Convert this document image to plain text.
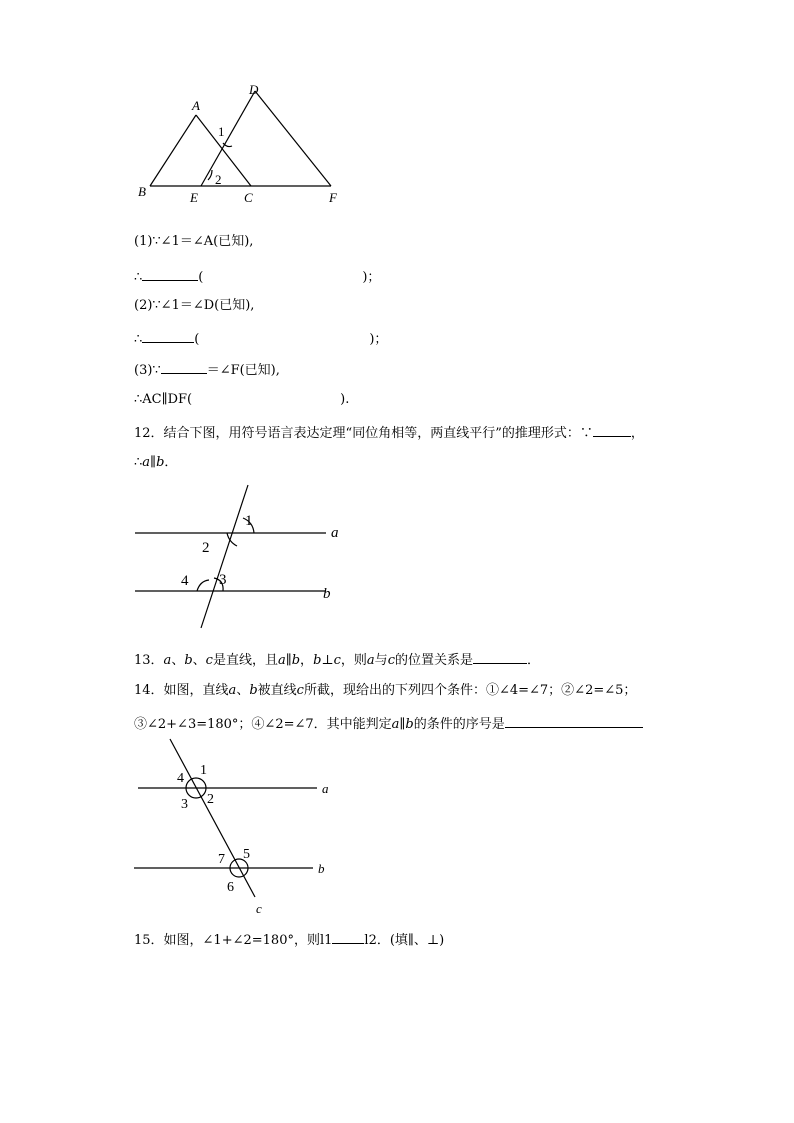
A
B	C
D
E	F
1
2
(1)∵∠1＝∠A(已知),
∴	(	)；
(2)∵∠1＝∠D(已知),
∴	(	)；
(3)∵	＝∠F(已知),
∴AC∥DF(	).
12．结合下图，用符号语言表达定理“同位角相等，两直线平行”的推理形式：∵	，
∴a∥b．
a
b
1
2
3
4
13．a、b、c是直线，且a∥b，b⊥c，则a与c的位置关系是	．
14．如图，直线a、b被直线c所截，现给出的下列四个条件：①∠4=∠7；②∠2=∠5；
③∠2+∠3=180°；④∠2=∠7．其中能判定a∥b的条件的序号是
a
b
c
1
2
3
4
5
6
7
15．如图，∠1+∠2=180°，则l1 l2．(填∥、⊥)
